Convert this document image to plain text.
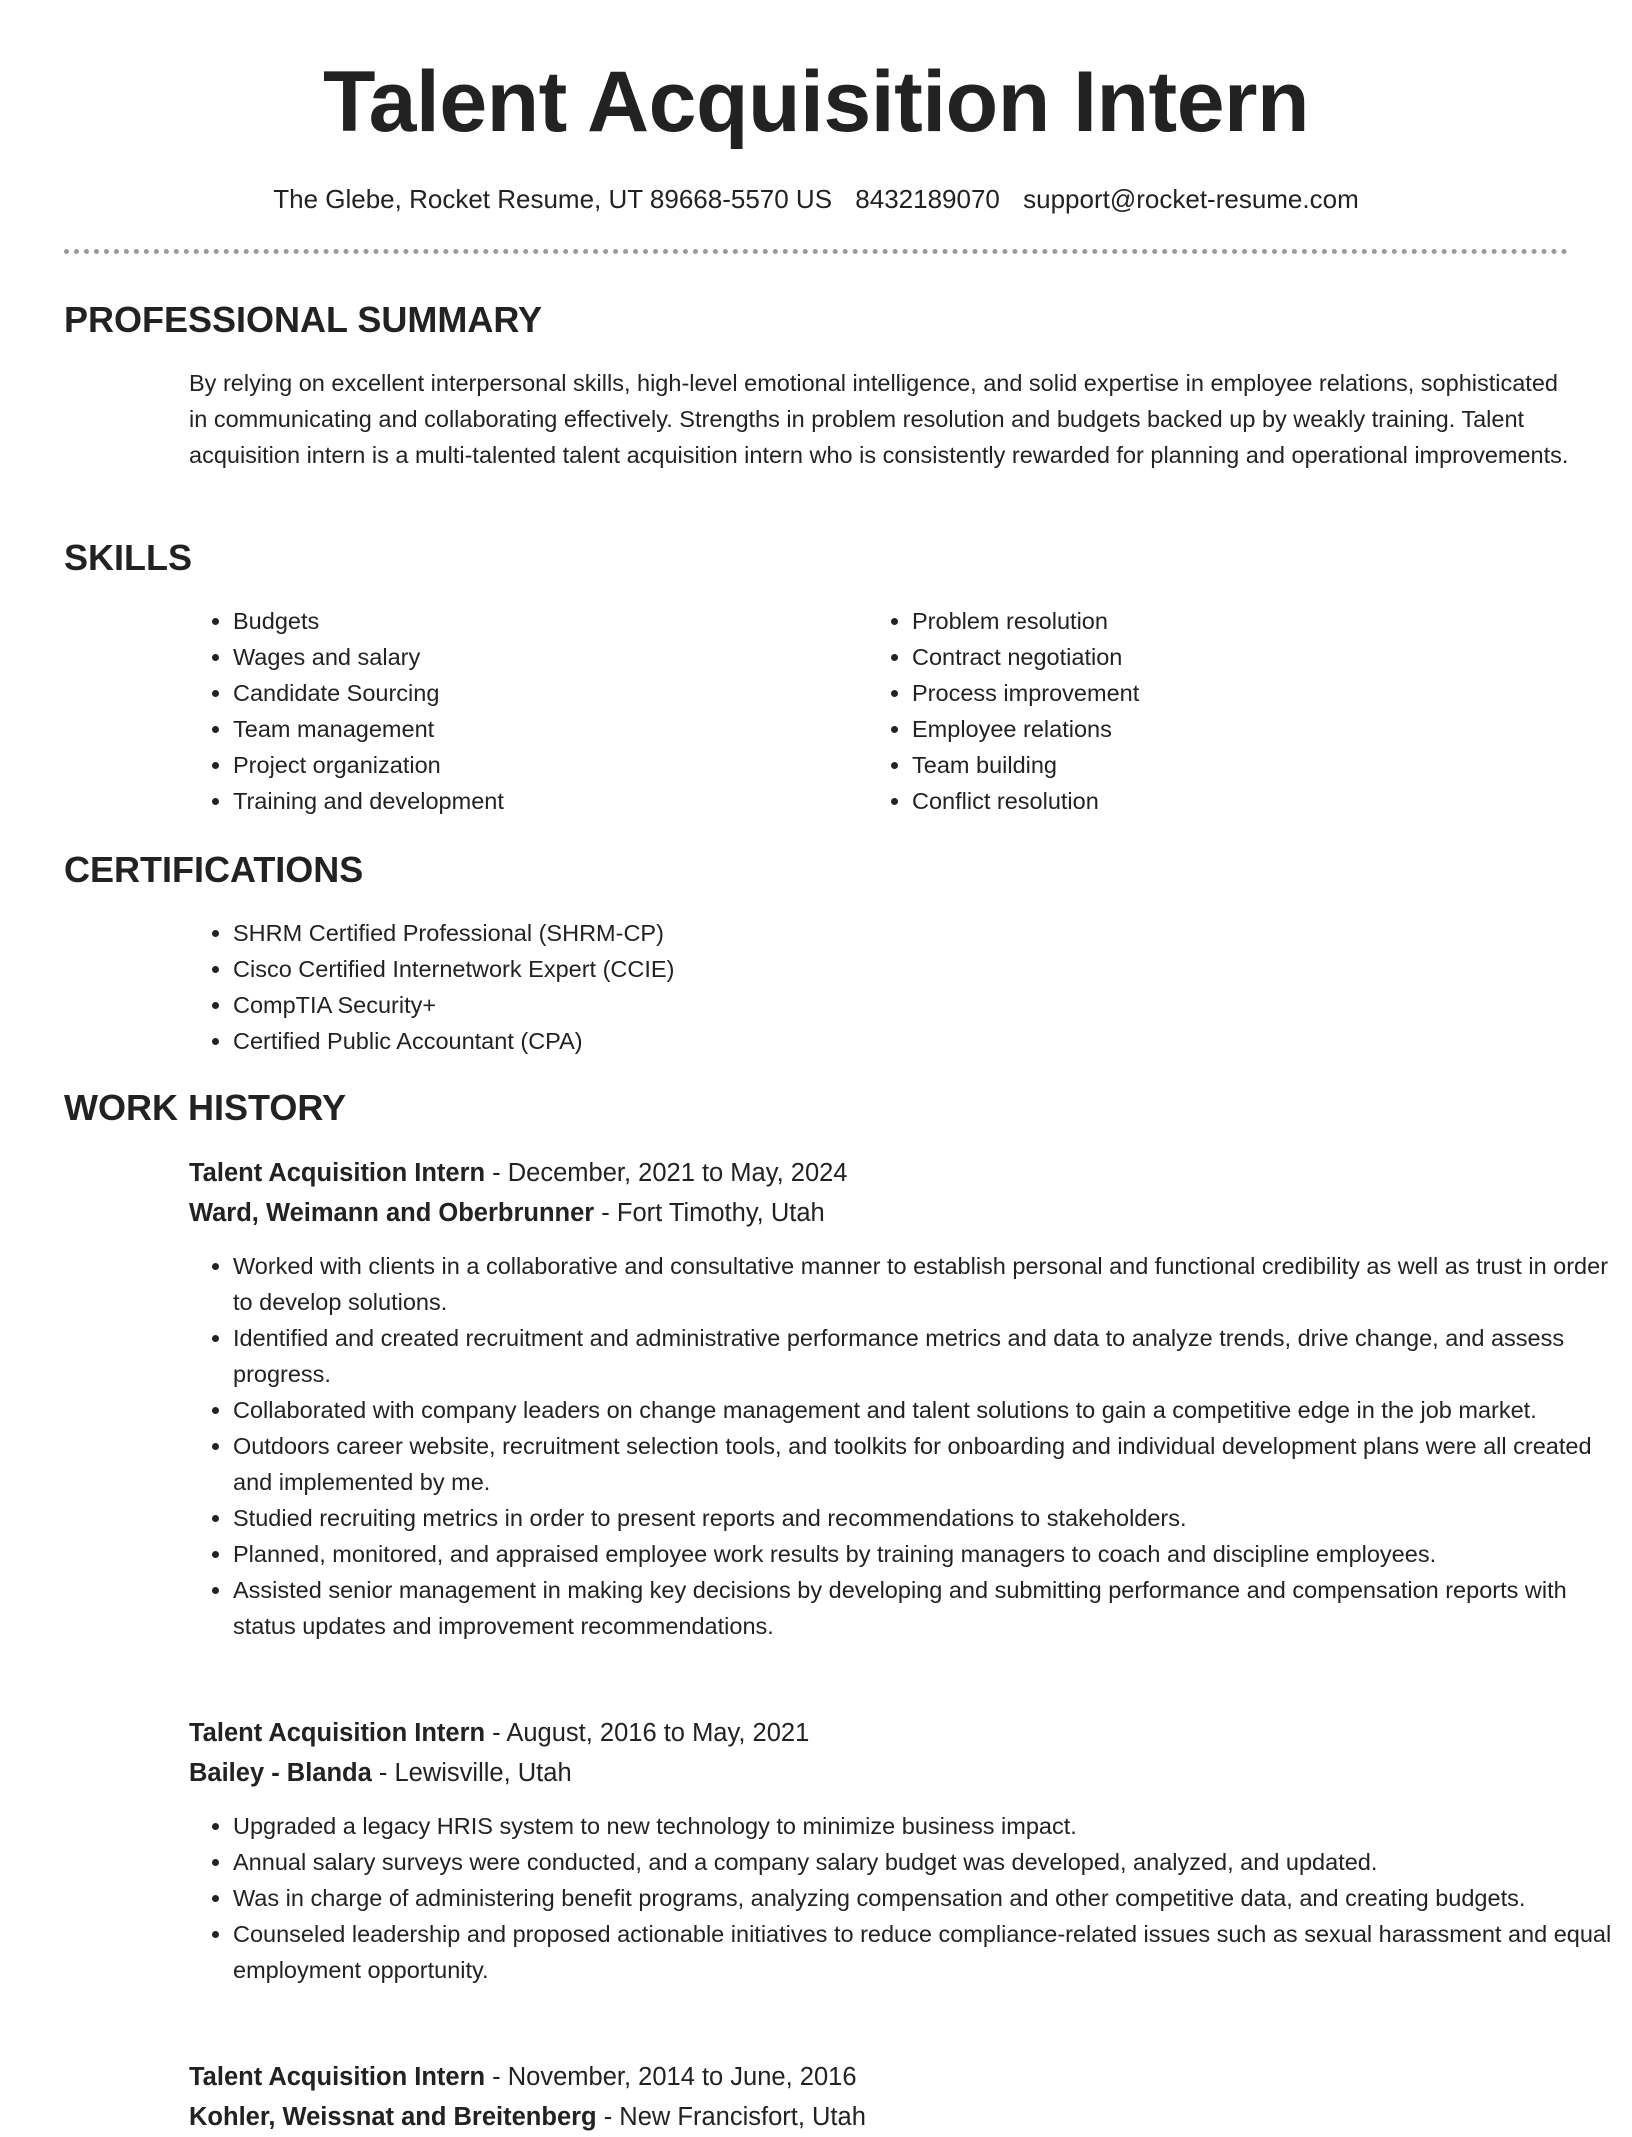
Talent Acquisition Intern
The Glebe, Rocket Resume, UT 89668-5570 US 8432189070 support@rocket-resume.com
PROFESSIONAL SUMMARY

By relying on excellent interpersonal skills, high-level emotional intelligence, and solid expertise in employee relations, sophisticated in communicating and collaborating effectively. Strengths in problem resolution and budgets backed up by weakly training. Talent acquisition intern is a multi-talented talent acquisition intern who is consistently rewarded for planning and operational improvements.

SKILLS
• Budgets
• Wages and salary
• Candidate Sourcing
• Team management
• Project organization
• Training and development
• Problem resolution
• Contract negotiation
• Process improvement
• Employee relations
• Team building
• Conflict resolution
CERTIFICATIONS
• SHRM Certified Professional (SHRM-CP)
• Cisco Certified Internetwork Expert (CCIE)
• CompTIA Security+
• Certified Public Accountant (CPA)
WORK HISTORY
Talent Acquisition Intern - December, 2021 to May, 2024
Ward, Weimann and Oberbrunner - Fort Timothy, Utah
• Worked with clients in a collaborative and consultative manner to establish personal and functional credibility as well as trust in order to develop solutions.
• Identified and created recruitment and administrative performance metrics and data to analyze trends, drive change, and assess progress.
• Collaborated with company leaders on change management and talent solutions to gain a competitive edge in the job market.
• Outdoors career website, recruitment selection tools, and toolkits for onboarding and individual development plans were all created and implemented by me.
• Studied recruiting metrics in order to present reports and recommendations to stakeholders.
• Planned, monitored, and appraised employee work results by training managers to coach and discipline employees.
• Assisted senior management in making key decisions by developing and submitting performance and compensation reports with status updates and improvement recommendations.
Talent Acquisition Intern - August, 2016 to May, 2021
Bailey - Blanda - Lewisville, Utah
• Upgraded a legacy HRIS system to new technology to minimize business impact.
• Annual salary surveys were conducted, and a company salary budget was developed, analyzed, and updated.
• Was in charge of administering benefit programs, analyzing compensation and other competitive data, and creating budgets.
• Counseled leadership and proposed actionable initiatives to reduce compliance-related issues such as sexual harassment and equal employment opportunity.
Talent Acquisition Intern - November, 2014 to June, 2016
Kohler, Weissnat and Breitenberg - New Francisfort, Utah
